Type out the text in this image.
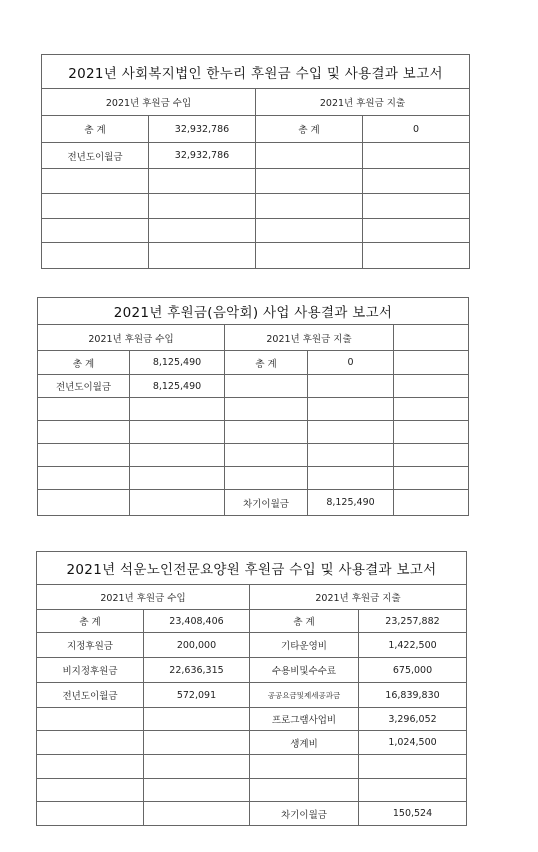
2021년 사회복지법인 한누리 후원금 수입 및 사용결과 보고서			
2021년 후원금 수입		2021년 후원금 지출	
총 계	32,932,786	총 계	0
전년도이월금	32,932,786		

2021년 후원금(음악회) 사업 사용결과 보고서				
2021년 후원금 수입		2021년 후원금 지출		
총 계	8,125,490	총 계	0	
전년도이월금	8,125,490			

		차기이월금	8,125,490	
2021년 석운노인전문요양원 후원금 수입 및 사용결과 보고서			
2021년 후원금 수입		2021년 후원금 지출	
총 계	23,408,406	총 계	23,257,882
지정후원금	200,000	기타운영비	1,422,500
비지정후원금	22,636,315	수용비및수수료	675,000
전년도이월금	572,091	공공요금및제세공과금	16,839,830
		프로그램사업비	3,296,052
		생계비	1,024,500

		차기이월금	150,524
